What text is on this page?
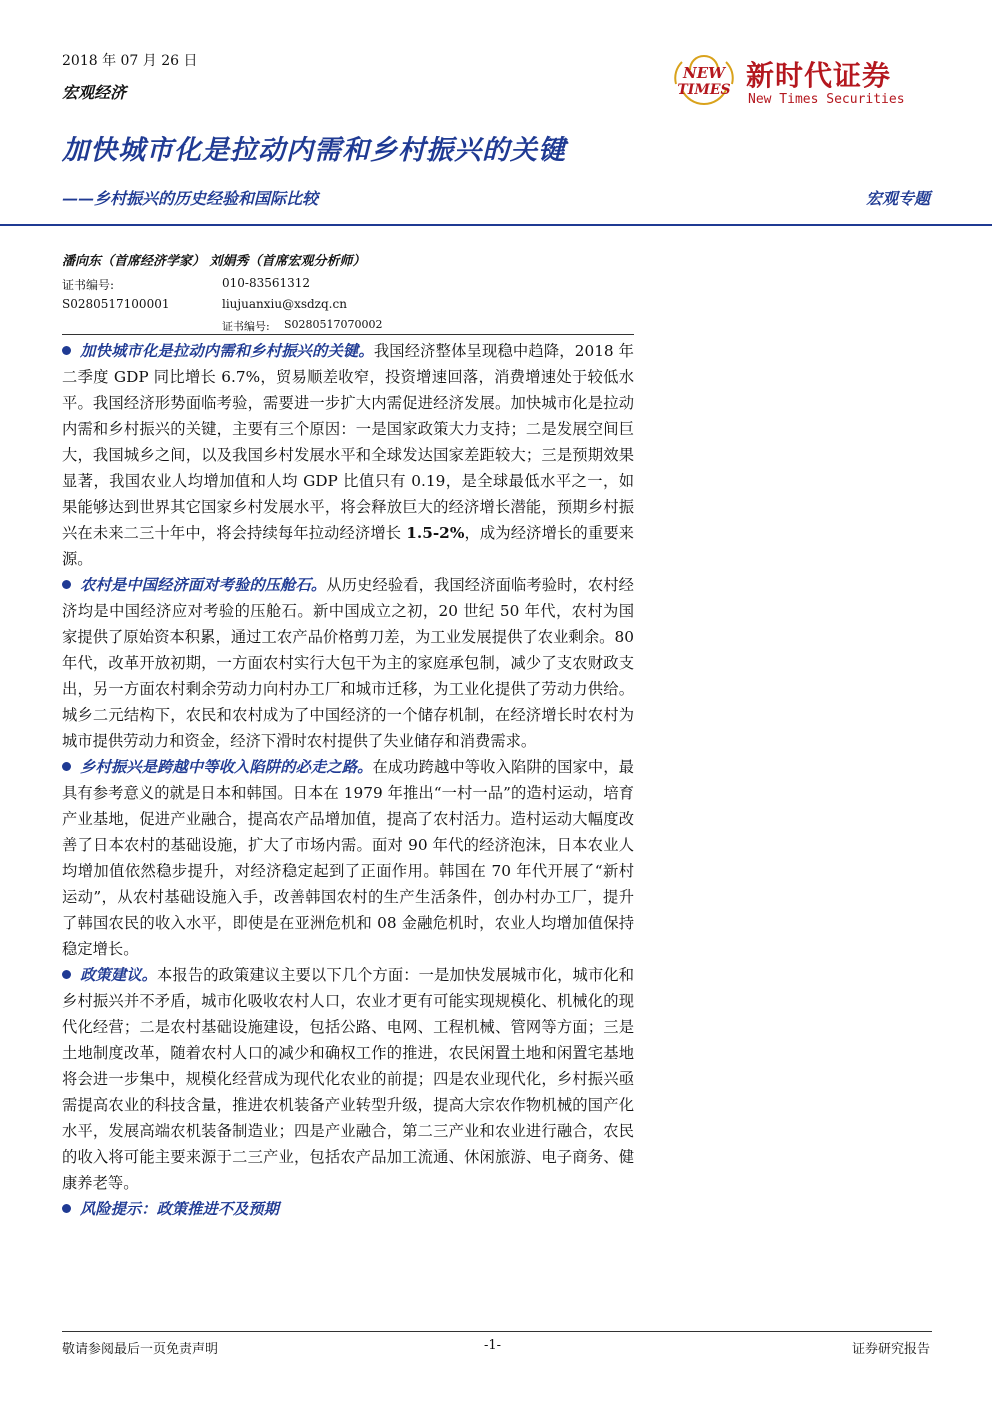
2018 年 07 月 26 日
宏观经济
NEW
TIMES 新时代证券
New Times Securities
加快城市化是拉动内需和乡村振兴的关键
——乡村振兴的历史经验和国际比较	宏观专题
潘向东（首席经济学家） 刘娟秀（首席宏观分析师）
证书编号:	010-83561312
S0280517100001	liujuanxiu@xsdzq.cn
证书编号: S0280517070002

加快城市化是拉动内需和乡村振兴的关键。我国经济整体呈现稳中趋降，2018 年二季度 GDP 同比增长 6.7%，贸易顺差收窄，投资增速回落，消费增速处于较低水平。我国经济形势面临考验，需要进一步扩大内需促进经济发展。加快城市化是拉动内需和乡村振兴的关键，主要有三个原因：一是国家政策大力支持；二是发展空间巨大，我国城乡之间，以及我国乡村发展水平和全球发达国家差距较大；三是预期效果显著，我国农业人均增加值和人均 GDP 比值只有 0.19，是全球最低水平之一，如果能够达到世界其它国家乡村发展水平，将会释放巨大的经济增长潜能，预期乡村振兴在未来二三十年中，将会持续每年拉动经济增长 1.5-2%，成为经济增长的重要来源。

农村是中国经济面对考验的压舱石。从历史经验看，我国经济面临考验时，农村经济均是中国经济应对考验的压舱石。新中国成立之初，20 世纪 50 年代，农村为国家提供了原始资本积累，通过工农产品价格剪刀差，为工业发展提供了农业剩余。80 年代，改革开放初期，一方面农村实行大包干为主的家庭承包制，减少了支农财政支出，另一方面农村剩余劳动力向村办工厂和城市迁移，为工业化提供了劳动力供给。城乡二元结构下，农民和农村成为了中国经济的一个储存机制，在经济增长时农村为城市提供劳动力和资金，经济下滑时农村提供了失业储存和消费需求。

乡村振兴是跨越中等收入陷阱的必走之路。在成功跨越中等收入陷阱的国家中，最具有参考意义的就是日本和韩国。日本在 1979 年推出“一村一品”的造村运动，培育产业基地，促进产业融合，提高农产品增加值，提高了农村活力。造村运动大幅度改善了日本农村的基础设施，扩大了市场内需。面对 90 年代的经济泡沫，日本农业人均增加值依然稳步提升，对经济稳定起到了正面作用。韩国在 70 年代开展了“新村运动”，从农村基础设施入手，改善韩国农村的生产生活条件，创办村办工厂，提升了韩国农民的收入水平，即使是在亚洲危机和 08 金融危机时，农业人均增加值保持稳定增长。

政策建议。本报告的政策建议主要以下几个方面：一是加快发展城市化，城市化和乡村振兴并不矛盾，城市化吸收农村人口，农业才更有可能实现规模化、机械化的现代化经营；二是农村基础设施建设，包括公路、电网、工程机械、管网等方面；三是土地制度改革，随着农村人口的减少和确权工作的推进，农民闲置土地和闲置宅基地将会进一步集中，规模化经营成为现代化农业的前提；四是农业现代化，乡村振兴亟需提高农业的科技含量，推进农机装备产业转型升级，提高大宗农作物机械的国产化水平，发展高端农机装备制造业；四是产业融合，第二三产业和农业进行融合，农民的收入将可能主要来源于二三产业，包括农产品加工流通、休闲旅游、电子商务、健康养老等。

风险提示：政策推进不及预期

敬请参阅最后一页免责声明	-1-	证券研究报告
